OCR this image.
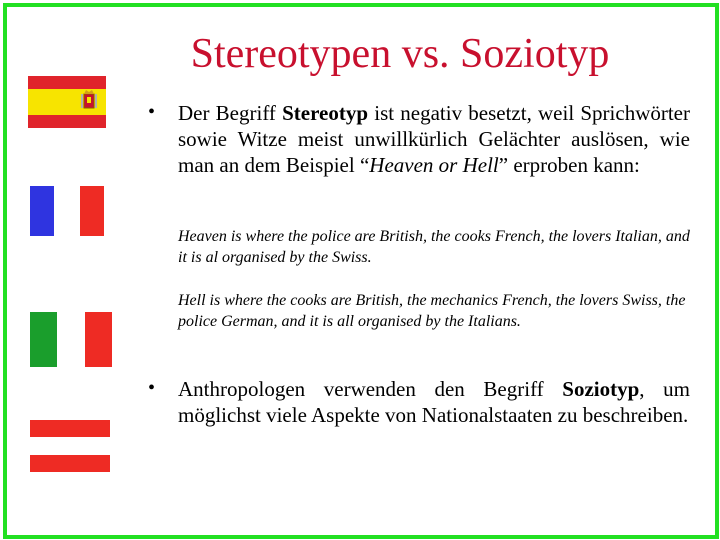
Stereotypen vs. Soziotyp
• Der Begriff Stereotyp ist negativ besetzt, weil Sprichwörter sowie Witze meist unwillkürlich Gelächter auslösen, wie man an dem Beispiel “Heaven or Hell” erproben kann:
Heaven is where the police are British, the cooks French, the lovers Italian, and it is al organised by the Swiss.
Hell is where the cooks are British, the mechanics French, the lovers Swiss, the police German, and it is all organised by the Italians.
• Anthropologen verwenden den Begriff Soziotyp, um möglichst viele Aspekte von Nationalstaaten zu beschreiben.
